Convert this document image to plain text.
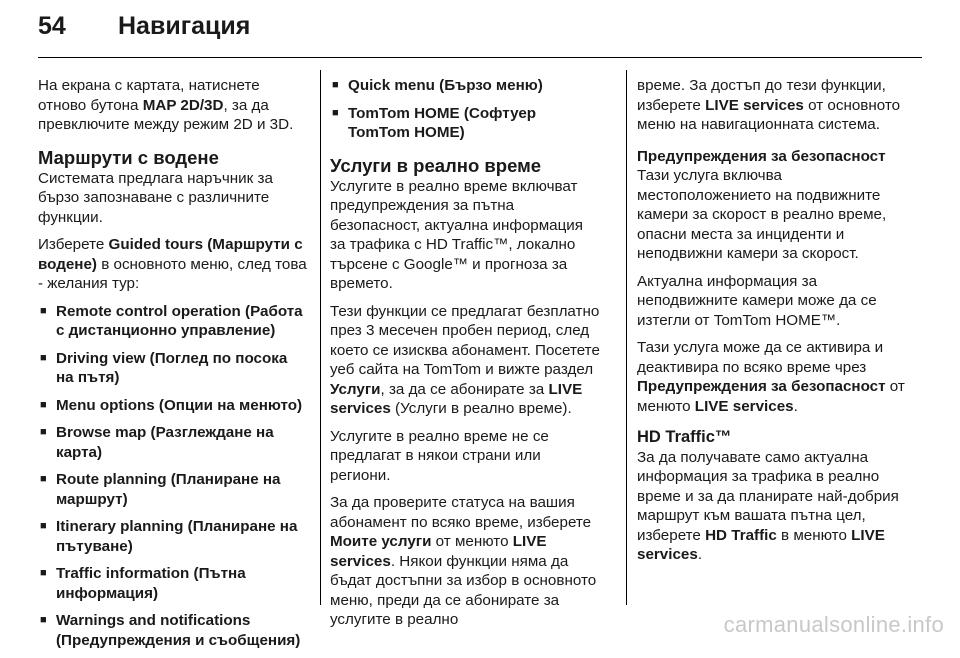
54	Навигация

На екрана с картата, натиснете отново бутона MAP 2D/3D, за да превключите между режим 2D и 3D.

Маршрути с водене

Системата предлага наръчник за бързо запознаване с различните функции.

Изберете Guided tours (Маршрути с водене) в основното меню, след това - желания тур:

■ Remote control operation (Работа с дистанционно управление)
■ Driving view (Поглед по посока на пътя)
■ Menu options (Опции на менюто)
■ Browse map (Разглеждане на карта)
■ Route planning (Планиране на маршрут)
■ Itinerary planning (Планиране на пътуване)
■ Traffic information (Пътна информация)
■ Warnings and notifications (Предупреждения и съобщения)
■ Quick menu (Бързо меню)
■ TomTom HOME (Софтуер TomTom HOME)
Услуги в реално време

Услугите в реално време включват предупреждения за пътна безопасност, актуална информация за трафика с HD Traffic™, локално търсене с Google™ и прогноза за времето.

Тези функции се предлагат безплатно през 3 месечен пробен период, след което се изисква абонамент. Посетете уеб сайта на TomTom и вижте раздел Услуги, за да се абонирате за LIVE services (Услуги в реално време).

Услугите в реално време не се предлагат в някои страни или региони.

За да проверите статуса на вашия абонамент по всяко време, изберете Моите услуги от менюто LIVE services. Някои функции няма да бъдат достъпни за избор в основното меню, преди да се абонирате за услугите в реално

време. За достъп до тези функции, изберете LIVE services от основното меню на навигационната система.

Предупреждения за безопасност

Тази услуга включва местоположението на подвижните камери за скорост в реално време, опасни места за инциденти и неподвижни камери за скорост.

Актуална информация за неподвижните камери може да се изтегли от TomTom HOME™.

Тази услуга може да се активира и деактивира по всяко време чрез Предупреждения за безопасност от менюто LIVE services.

HD Traffic™

За да получавате само актуална информация за трафика в реално време и за да планирате най-добрия маршрут към вашата пътна цел, изберете HD Traffic в менюто LIVE services.

carmanualsonline.info
